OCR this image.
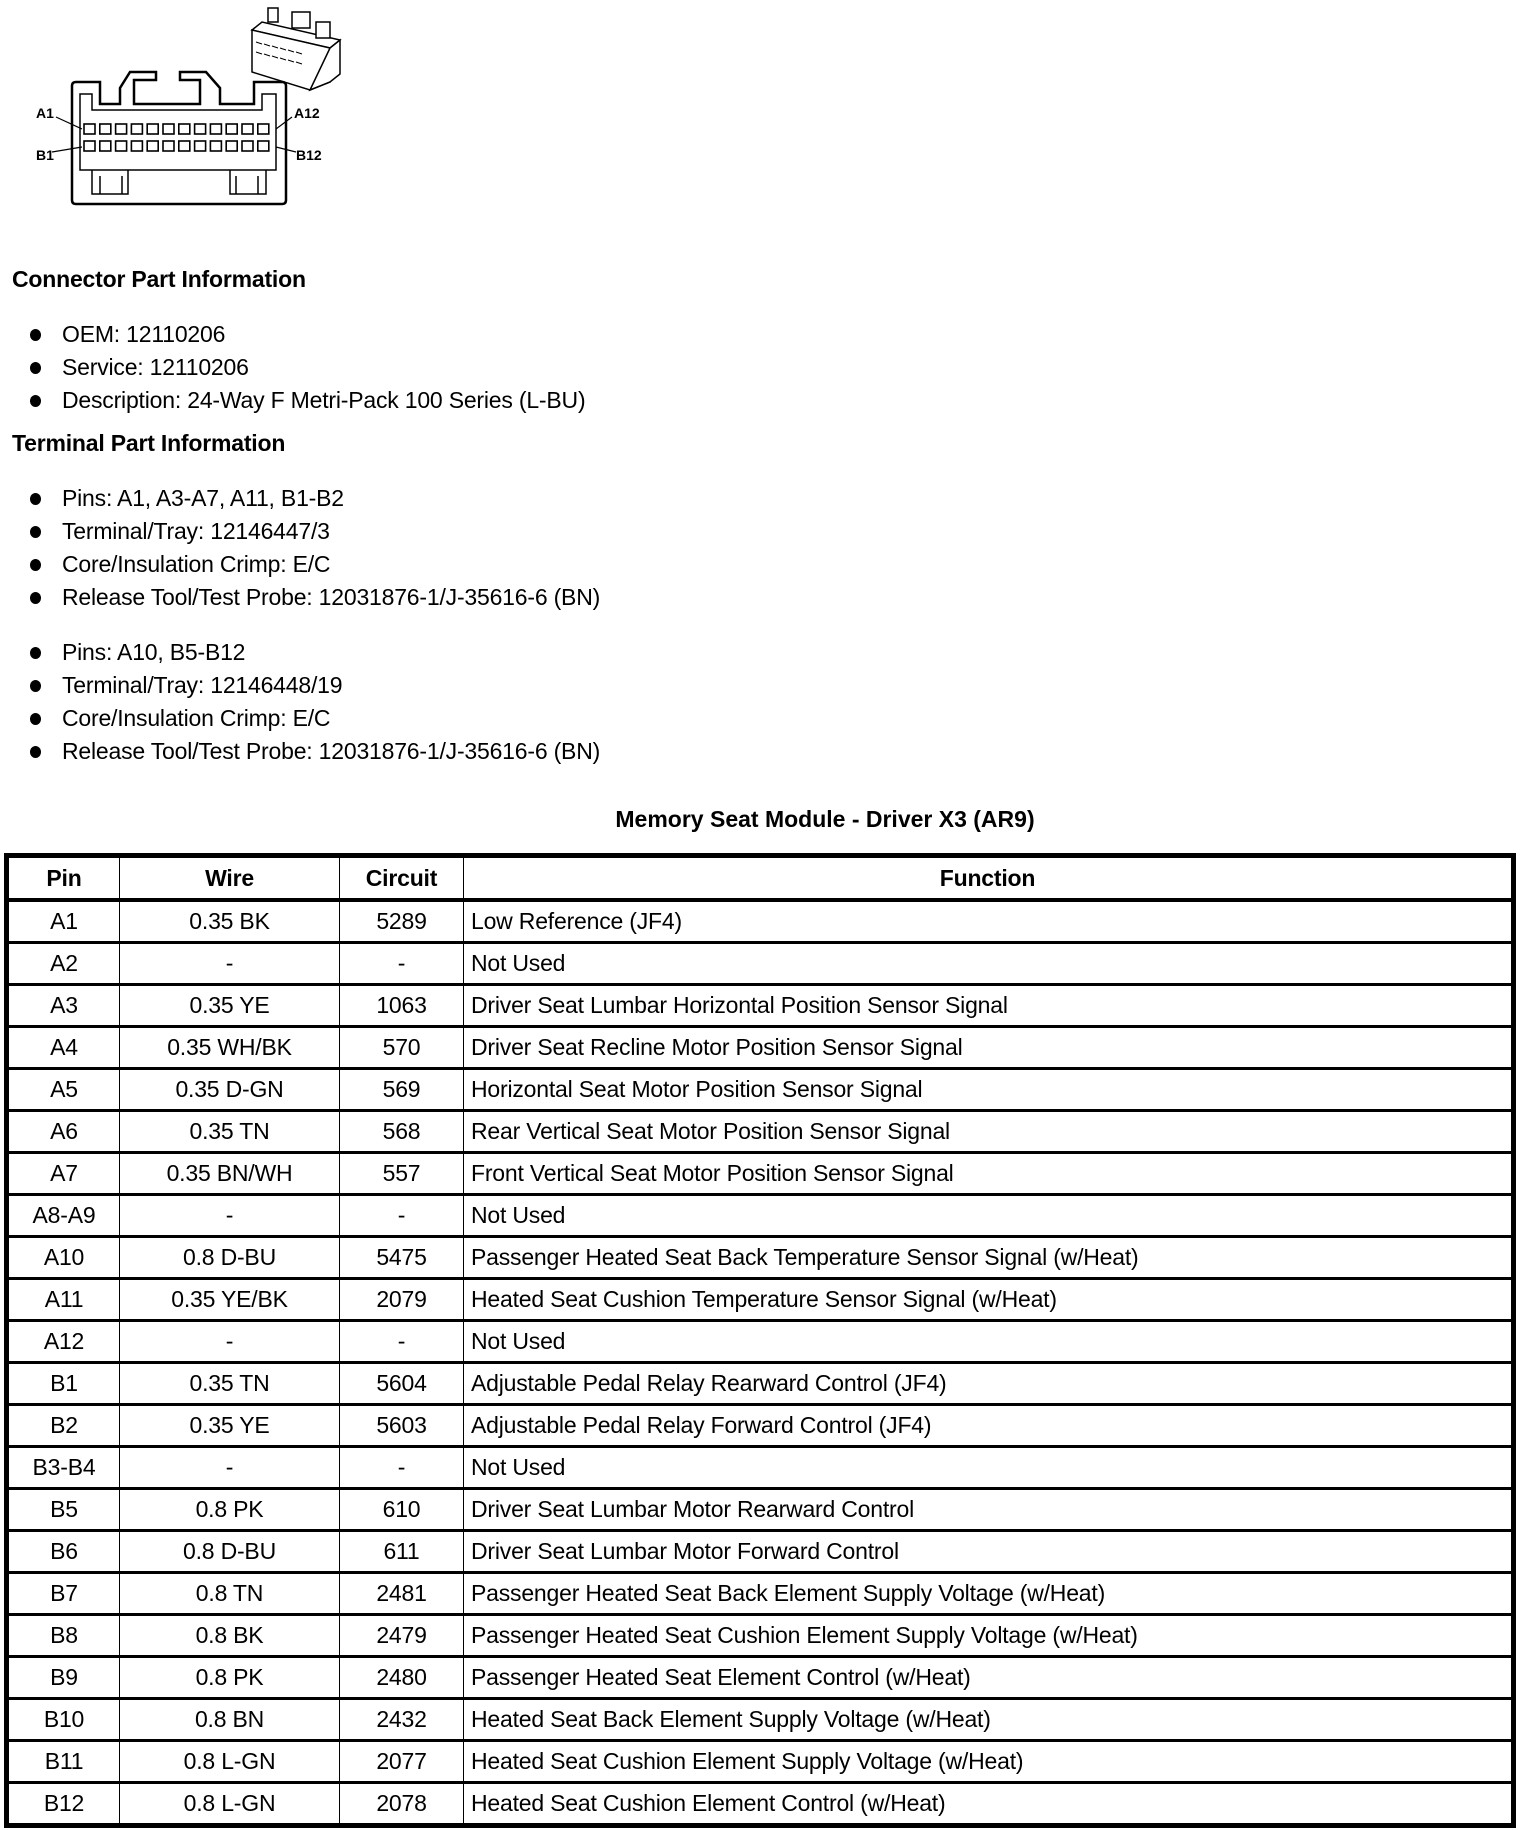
A1	A12
B1	B12
Connector Part Information
OEM: 12110206
Service: 12110206
Description: 24-Way F Metri-Pack 100 Series (L-BU)
Terminal Part Information
Pins: A1, A3-A7, A11, B1-B2
Terminal/Tray: 12146447/3
Core/Insulation Crimp: E/C
Release Tool/Test Probe: 12031876-1/J-35616-6 (BN)
Pins: A10, B5-B12
Terminal/Tray: 12146448/19
Core/Insulation Crimp: E/C
Release Tool/Test Probe: 12031876-1/J-35616-6 (BN)
Memory Seat Module - Driver X3 (AR9)
Pin	Wire	Circuit	Function
A1	0.35 BK	5289	Low Reference (JF4)
A2	-	-	Not Used
A3	0.35 YE	1063	Driver Seat Lumbar Horizontal Position Sensor Signal
A4	0.35 WH/BK	570	Driver Seat Recline Motor Position Sensor Signal
A5	0.35 D-GN	569	Horizontal Seat Motor Position Sensor Signal
A6	0.35 TN	568	Rear Vertical Seat Motor Position Sensor Signal
A7	0.35 BN/WH	557	Front Vertical Seat Motor Position Sensor Signal
A8-A9	-	-	Not Used
A10	0.8 D-BU	5475	Passenger Heated Seat Back Temperature Sensor Signal (w/Heat)
A11	0.35 YE/BK	2079	Heated Seat Cushion Temperature Sensor Signal (w/Heat)
A12	-	-	Not Used
B1	0.35 TN	5604	Adjustable Pedal Relay Rearward Control (JF4)
B2	0.35 YE	5603	Adjustable Pedal Relay Forward Control (JF4)
B3-B4	-	-	Not Used
B5	0.8 PK	610	Driver Seat Lumbar Motor Rearward Control
B6	0.8 D-BU	611	Driver Seat Lumbar Motor Forward Control
B7	0.8 TN	2481	Passenger Heated Seat Back Element Supply Voltage (w/Heat)
B8	0.8 BK	2479	Passenger Heated Seat Cushion Element Supply Voltage (w/Heat)
B9	0.8 PK	2480	Passenger Heated Seat Element Control (w/Heat)
B10	0.8 BN	2432	Heated Seat Back Element Supply Voltage (w/Heat)
B11	0.8 L-GN	2077	Heated Seat Cushion Element Supply Voltage (w/Heat)
B12	0.8 L-GN	2078	Heated Seat Cushion Element Control (w/Heat)
